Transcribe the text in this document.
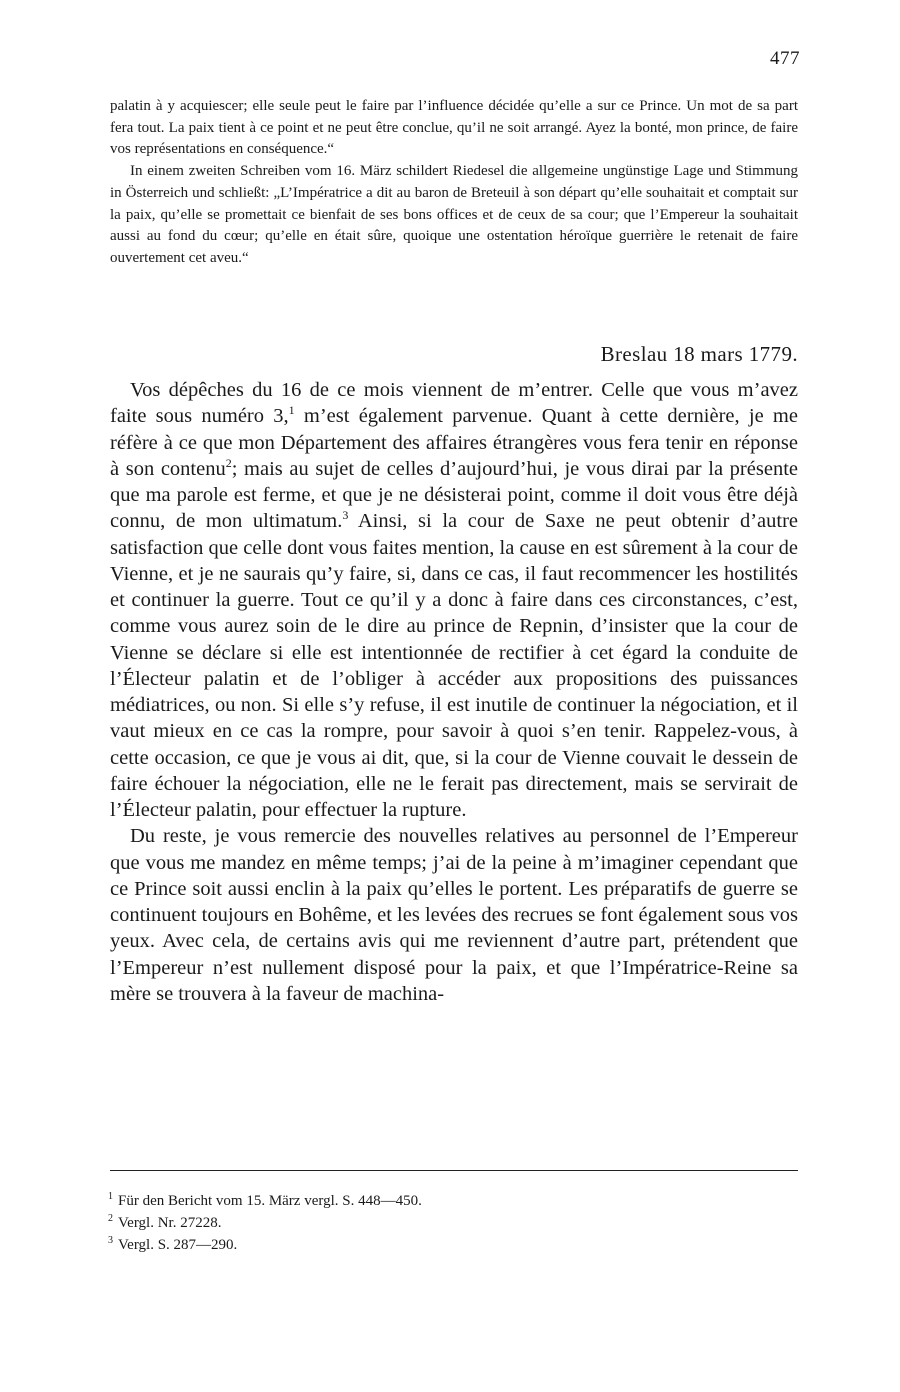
477

palatin à y acquiescer; elle seule peut le faire par l’influence décidée qu’elle a sur ce Prince. Un mot de sa part fera tout. La paix tient à ce point et ne peut être conclue, qu’il ne soit arrangé. Ayez la bonté, mon prince, de faire vos représentations en conséquence.“

In einem zweiten Schreiben vom 16. März schildert Riedesel die allgemeine ungünstige Lage und Stimmung in Österreich und schließt: „L’Impératrice a dit au baron de Breteuil à son départ qu’elle souhaitait et comptait sur la paix, qu’elle se promettait ce bienfait de ses bons offices et de ceux de sa cour; que l’Empereur la souhaitait aussi au fond du cœur; qu’elle en était sûre, quoique une ostentation héroïque guerrière le retenait de faire ouvertement cet aveu.“

Breslau 18 mars 1779.

Vos dépêches du 16 de ce mois viennent de m’entrer. Celle que vous m’avez faite sous numéro 3,$^1$ m’est également parvenue. Quant à cette dernière, je me réfère à ce que mon Département des affaires étrangères vous fera tenir en réponse à son contenu$^2$; mais au sujet de celles d’aujourd’hui, je vous dirai par la présente que ma parole est ferme, et que je ne désisterai point, comme il doit vous être déjà connu, de mon ultimatum.$^3$ Ainsi, si la cour de Saxe ne peut obtenir d’autre satisfaction que celle dont vous faites mention, la cause en est sûrement à la cour de Vienne, et je ne saurais qu’y faire, si, dans ce cas, il faut recommencer les hostilités et continuer la guerre. Tout ce qu’il y a donc à faire dans ces circonstances, c’est, comme vous aurez soin de le dire au prince de Repnin, d’insister que la cour de Vienne se déclare si elle est intentionnée de rectifier à cet égard la conduite de l’Électeur palatin et de l’obliger à accéder aux propositions des puissances médiatrices, ou non. Si elle s’y refuse, il est inutile de continuer la négociation, et il vaut mieux en ce cas la rompre, pour savoir à quoi s’en tenir. Rappelez-vous, à cette occasion, ce que je vous ai dit, que, si la cour de Vienne couvait le dessein de faire échouer la négociation, elle ne le ferait pas directement, mais se servirait de l’Électeur palatin, pour effectuer la rupture.

Du reste, je vous remercie des nouvelles relatives au personnel de l’Empereur que vous me mandez en même temps; j’ai de la peine à m’imaginer cependant que ce Prince soit aussi enclin à la paix qu’elles le portent. Les préparatifs de guerre se continuent toujours en Bohême, et les levées des recrues se font également sous vos yeux. Avec cela, de certains avis qui me reviennent d’autre part, prétendent que l’Empereur n’est nullement disposé pour la paix, et que l’Impératrice-Reine sa mère se trouvera à la faveur de machina-

$^1$ Für den Bericht vom 15. März vergl. S. 448—450.

$^2$ Vergl. Nr. 27228.

$^3$ Vergl. S. 287—290.
